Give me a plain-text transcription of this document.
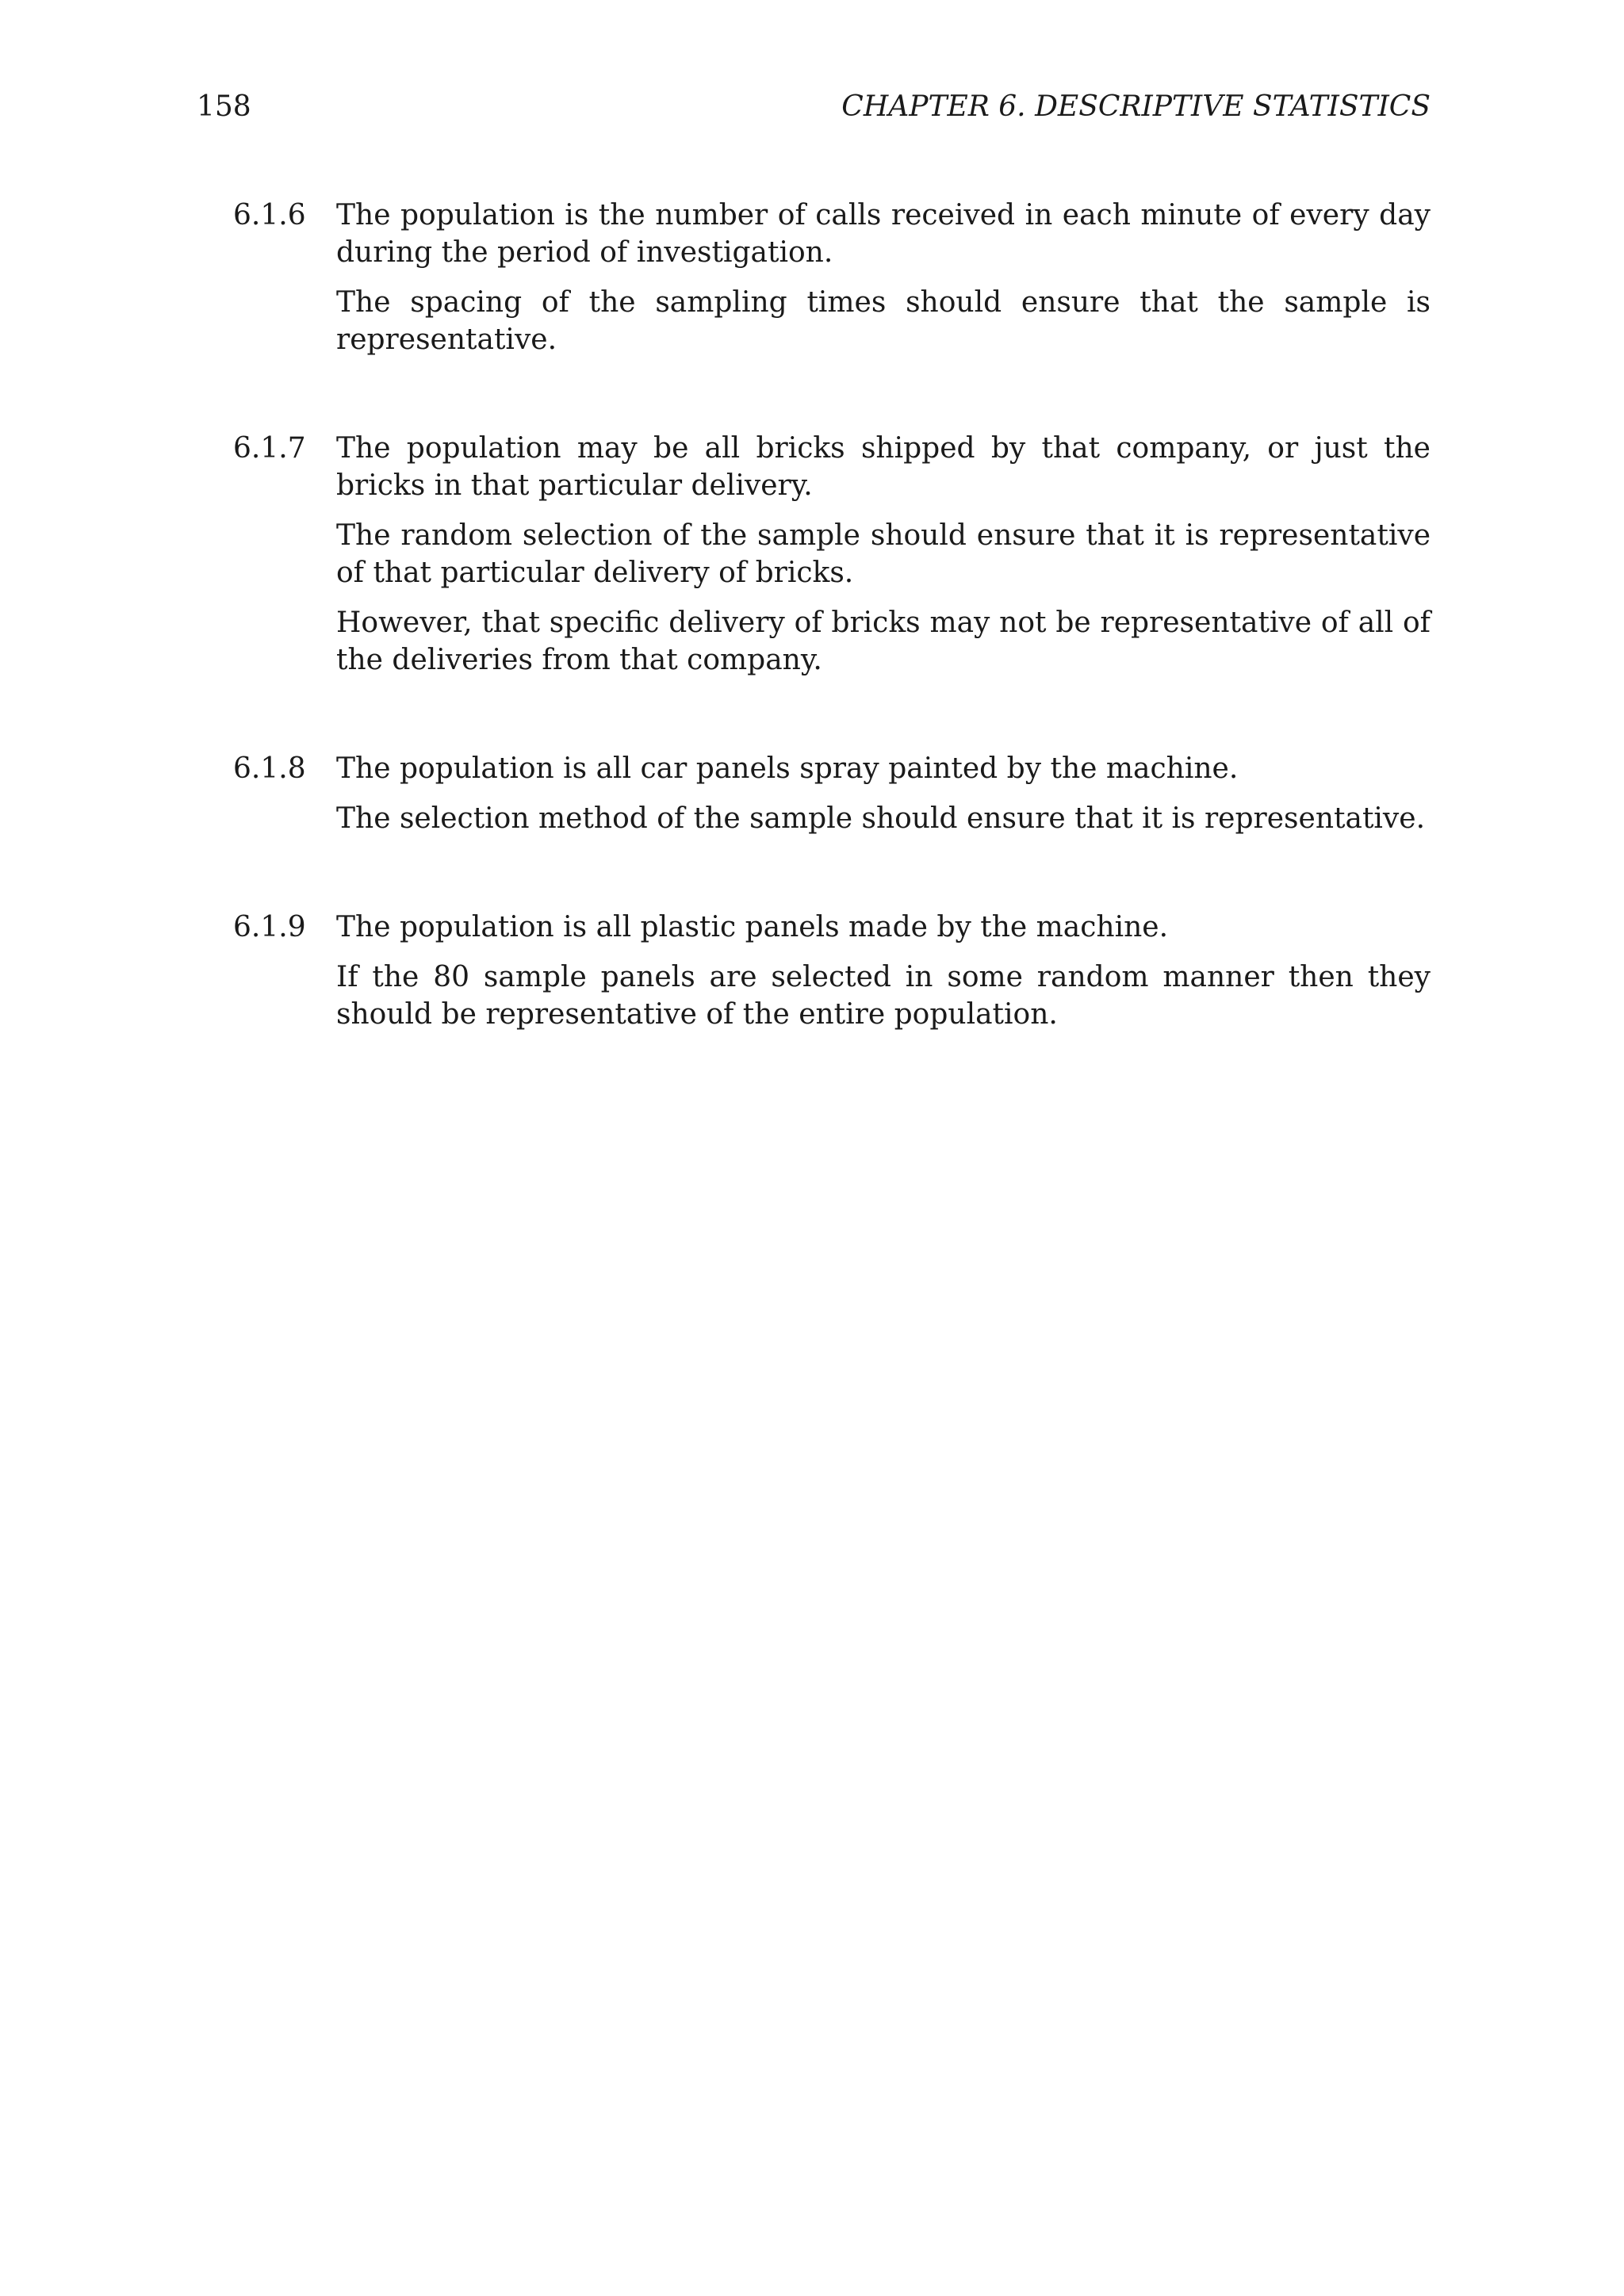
158	CHAPTER 6. DESCRIPTIVE STATISTICS
6.1.6 The population is the number of calls received in each minute of every day during the period of investigation.

The spacing of the sampling times should ensure that the sample is representative.

6.1.7 The population may be all bricks shipped by that company, or just the bricks in that particular delivery.

The random selection of the sample should ensure that it is representative of that particular delivery of bricks.

However, that specific delivery of bricks may not be representative of all of the deliveries from that company.

6.1.8 The population is all car panels spray painted by the machine.

The selection method of the sample should ensure that it is representative.

6.1.9 The population is all plastic panels made by the machine.

If the 80 sample panels are selected in some random manner then they should be representative of the entire population.
